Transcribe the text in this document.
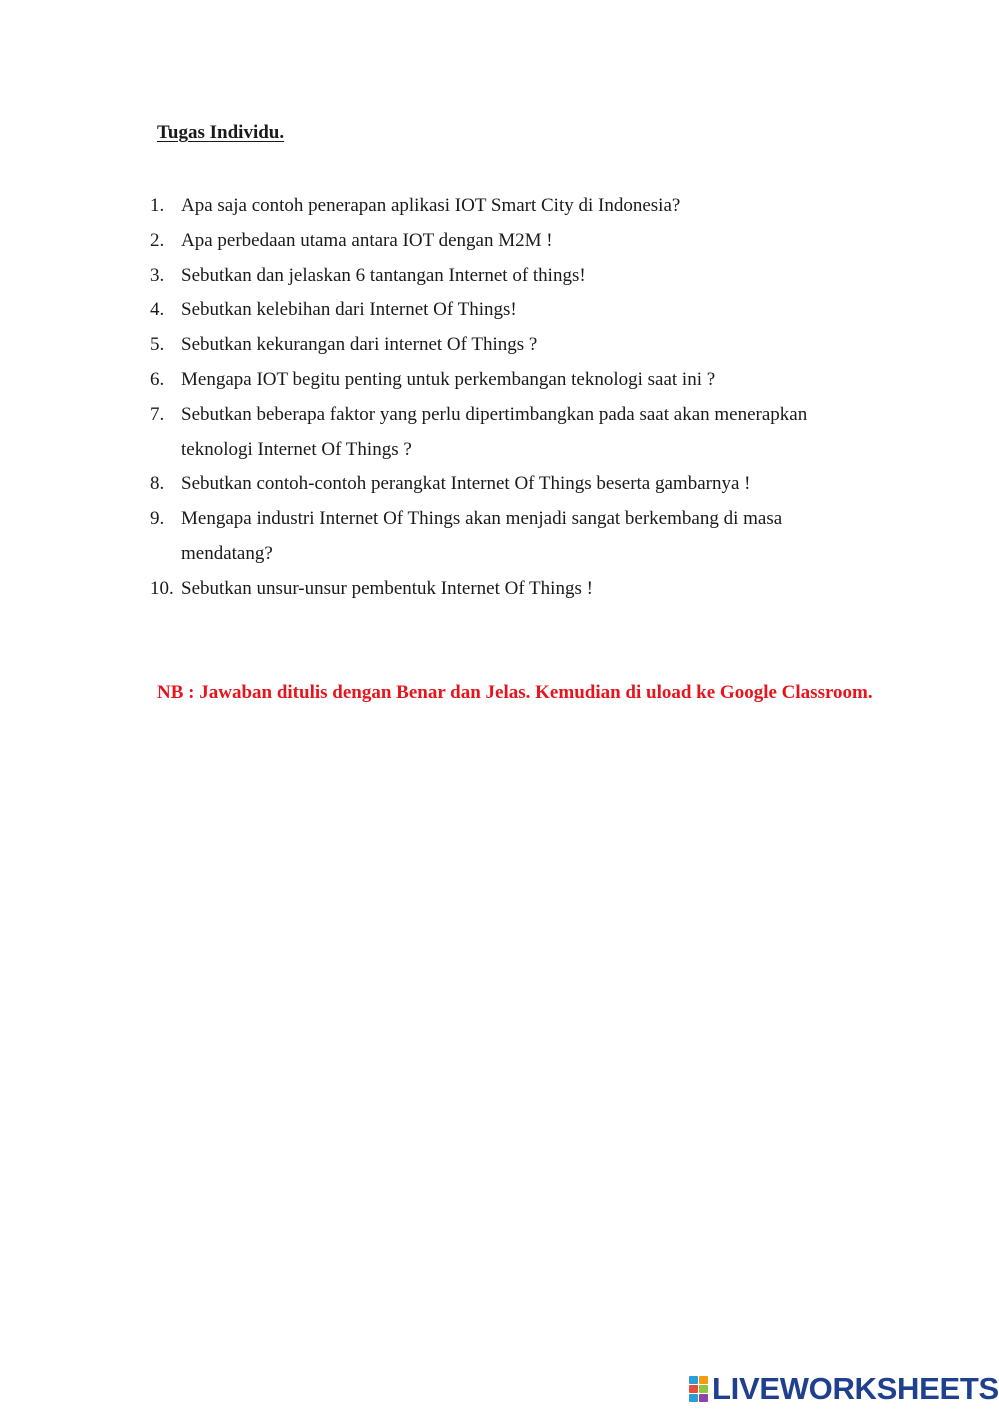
Tugas Individu.
1. Apa saja contoh penerapan aplikasi IOT Smart City di Indonesia?
2. Apa perbedaan utama antara IOT dengan M2M !
3. Sebutkan dan jelaskan 6 tantangan Internet of things!
4. Sebutkan kelebihan dari Internet Of Things!
5. Sebutkan kekurangan dari internet Of Things ?
6. Mengapa IOT begitu penting untuk perkembangan teknologi saat ini ?
7. Sebutkan beberapa faktor yang perlu dipertimbangkan pada saat akan menerapkan teknologi Internet Of Things ?
8. Sebutkan contoh-contoh perangkat Internet Of Things beserta gambarnya !
9. Mengapa industri Internet Of Things akan menjadi sangat berkembang di masa mendatang?
10. Sebutkan unsur-unsur pembentuk Internet Of Things !

NB : Jawaban ditulis dengan Benar dan Jelas. Kemudian di uload ke Google Classroom.

LIVEWORKSHEETS
